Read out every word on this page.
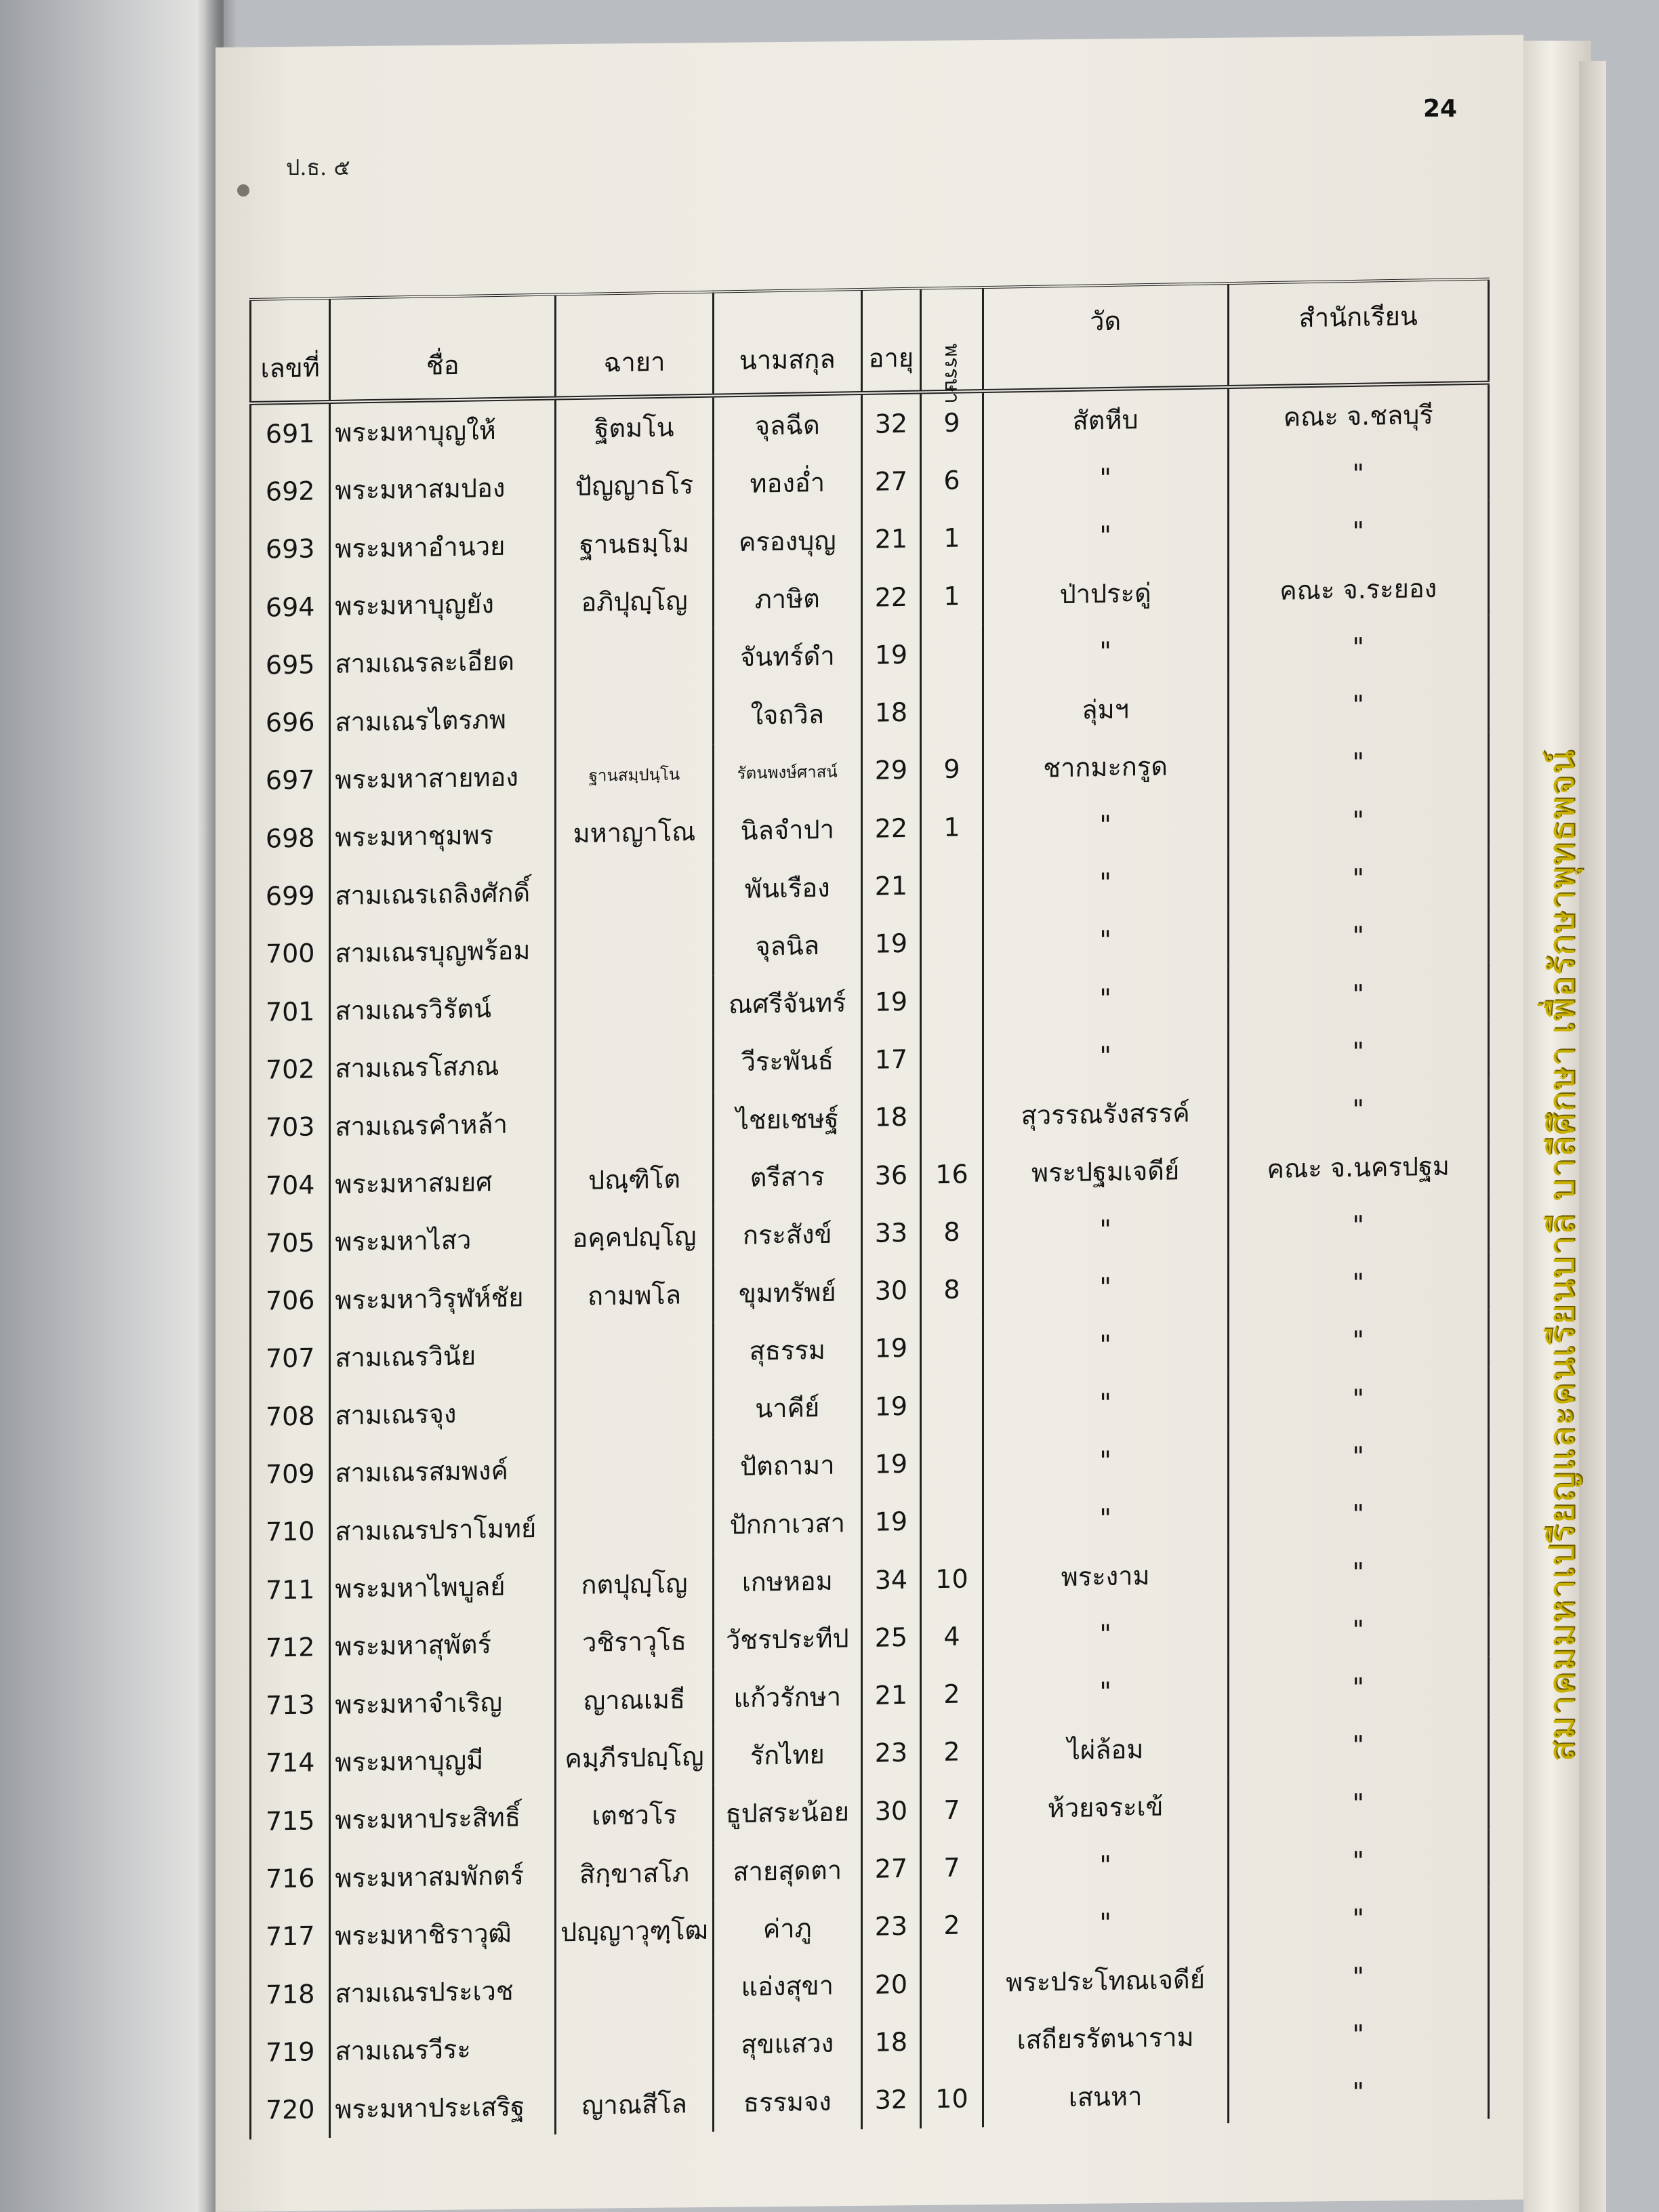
ป.ธ. ๕
24
เลขที่	ชื่อ	ฉายา	นามสกุล	อายุ	พรรษา	วัด	สำนักเรียน
691	พระมหาบุญให้	ฐิตมโน	จุลฉีด	32	9	สัตหีบ	คณะ จ.ชลบุรี
692	พระมหาสมปอง	ปัญญาธโร	ทองอ่ำ	27	6	"	"
693	พระมหาอำนวย	ฐานธมฺโม	ครองบุญ	21	1	"	"
694	พระมหาบุญยัง	อภิปุญฺโญ	ภาษิต	22	1	ป่าประดู่	คณะ จ.ระยอง
695	สามเณรละเอียด		จันทร์ดำ	19		"	"
696	สามเณรไตรภพ		ใจถวิล	18		ลุ่มฯ	"
697	พระมหาสายทอง	ฐานสมฺปนฺโน	รัตนพงษ์ศาสน์	29	9	ชากมะกรูด	"
698	พระมหาชุมพร	มหาญาโณ	นิลจำปา	22	1	"	"
699	สามเณรเถลิงศักดิ์		พันเรือง	21		"	"
700	สามเณรบุญพร้อม		จุลนิล	19		"	"
701	สามเณรวิรัตน์		ณศรีจันทร์	19		"	"
702	สามเณรโสภณ		วีระพันธ์	17		"	"
703	สามเณรคำหล้า		ไชยเชษฐ์	18		สุวรรณรังสรรค์	"
704	พระมหาสมยศ	ปณฺฑิโต	ตรีสาร	36	16	พระปฐมเจดีย์	คณะ จ.นครปฐม
705	พระมหาไสว	อคฺคปญฺโญ	กระสังข์	33	8	"	"
706	พระมหาวิรุฬห์ชัย	ถามพโล	ขุมทรัพย์	30	8	"	"
707	สามเณรวินัย		สุธรรม	19		"	"
708	สามเณรจุง		นาคีย์	19		"	"
709	สามเณรสมพงค์		ปัตถามา	19		"	"
710	สามเณรปราโมทย์		ปักกาเวสา	19		"	"
711	พระมหาไพบูลย์	กตปุญฺโญ	เกษหอม	34	10	พระงาม	"
712	พระมหาสุพัตร์	วชิราวุโธ	วัชรประทีป	25	4	"	"
713	พระมหาจำเริญ	ญาณเมธี	แก้วรักษา	21	2	"	"
714	พระมหาบุญมี	คมฺภีรปญฺโญ	รักไทย	23	2	ไผ่ล้อม	"
715	พระมหาประสิทธิ์	เตชวโร	ธูปสระน้อย	30	7	ห้วยจระเข้	"
716	พระมหาสมพักตร์	สิกฺขาสโภ	สายสุดตา	27	7	"	"
717	พระมหาชิราวุฒิ	ปญฺญาวุฑฺโฒ	ค่าภู	23	2	"	"
718	สามเณรประเวช		แอ่งสุขา	20		พระประโทณเจดีย์	"
719	สามเณรวีระ		สุขแสวง	18		เสถียรรัตนาราม	"
720	พระมหาประเสริฐ	ญาณสีโล	ธรรมจง	32	10	เสนหา	"
สมาคมมหาเปรียญและคนเรียนบาลี บาลีศึกษา เพื่อรักษาพุทธพจน์
